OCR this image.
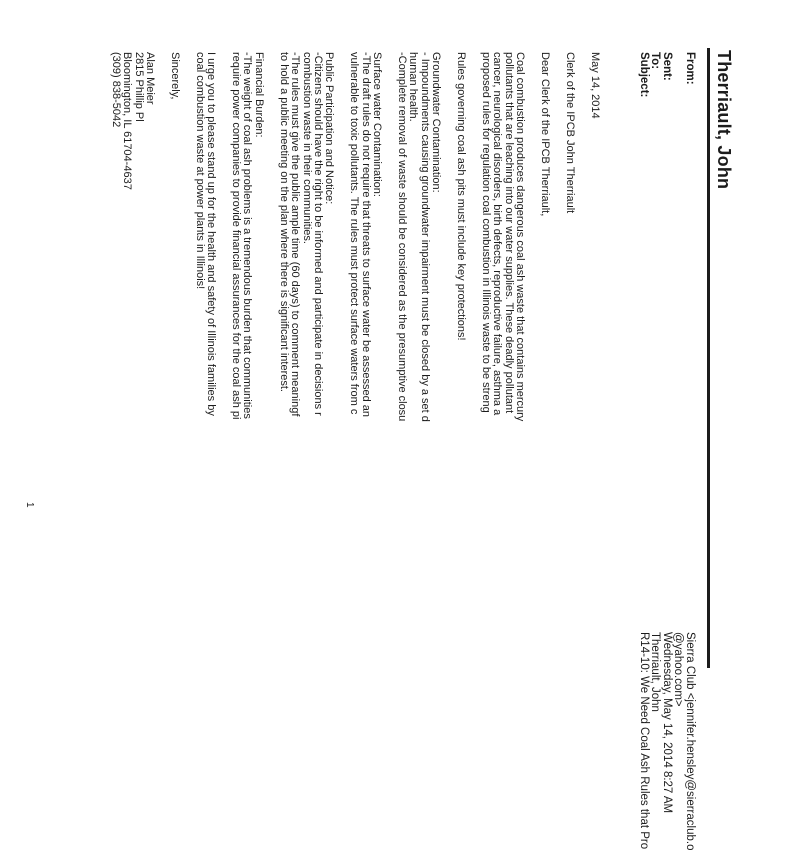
Therriault, John
From:
Sierra Club <jennifer.hensley@sierraclub.o
@yahoo.com>
Sent:
Wednesday, May 14, 2014 8:27 AM
To:
Therriault, John
Subject:
R14-10: We Need Coal Ash Rules that Pro

May 14, 2014

Clerk of the IPCB John Therriault

Dear Clerk of the IPCB Therriault,

Coal combustion produces dangerous coal ash waste that contains mercury
pollutants that are leaching into our water supplies. These deadly pollutant
cancer, neurological disorders, birth defects, reproductive failure, asthma a
proposed rules for regulation coal combustion in Illinois waste to be streng

Rules governing coal ash pits must include key protections!

Groundwater Contamination:
- Impoundments causing groundwater impairment must be closed by a set d
human health.
-Complete removal of waste should be considered as the presumptive closu

Surface water Contamination:
-The draft rules do not require that threats to surface water be assessed an
vulnerable to toxic pollutants. The rules must protect surface waters from c

Public Participation and Notice:
-Citizens should have the right to be informed and participate in decisions r
combustion waste in their communities.
-The rules must give the public ample time (60 days) to comment meaningf
to hold a public meeting on the plan where there is significant interest.

Financial Burden:
-The weight of coal ash problems is a tremendous burden that communities
require power companies to provide financial assurances for the coal ash pi

I urge you to please stand up for the health and safety of Illinois families by
coal combustion waste at power plants in Illinois!

Sincerely,

Alan Meier
2815 Phillip Pl
Bloomington, IL 61704-4637
(309) 838-5042

1
